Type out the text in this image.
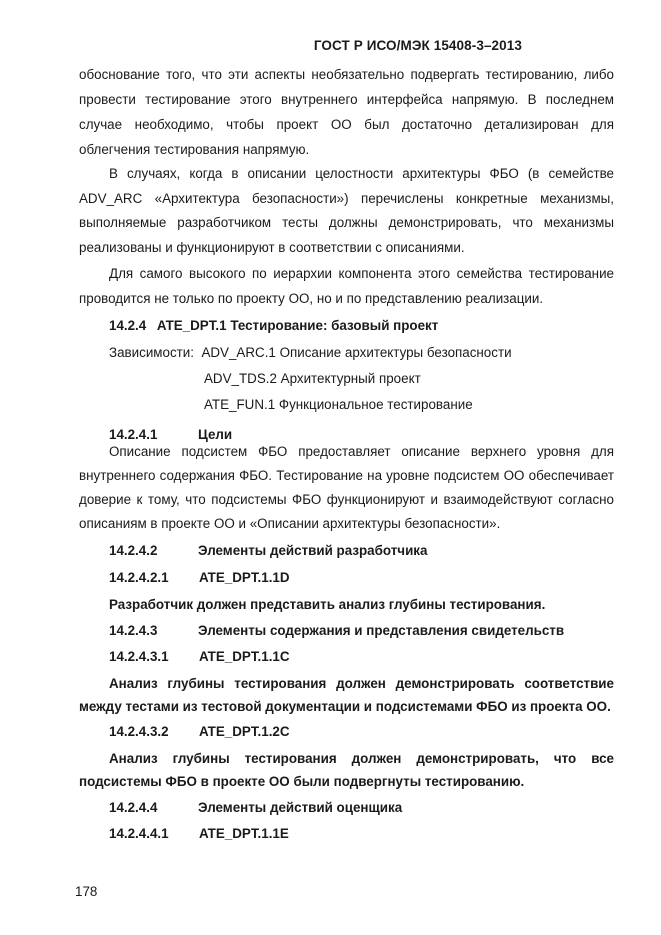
ГОСТ Р ИСО/МЭК 15408-3–2013
обоснование того, что эти аспекты необязательно подвергать тестированию, либо
провести тестирование этого внутреннего интерфейса напрямую. В последнем
случае необходимо, чтобы проект ОО был достаточно детализирован для
облегчения тестирования напрямую.
В случаях, когда в описании целостности архитектуры ФБО (в семействе
ADV_ARC «Архитектура безопасности») перечислены конкретные механизмы,
выполняемые разработчиком тесты должны демонстрировать, что механизмы
реализованы и функционируют в соответствии с описаниями.
Для самого высокого по иерархии компонента этого семейства тестирование
проводится не только по проекту ОО, но и по представлению реализации.
14.2.4 ATE_DPT.1 Тестирование: базовый проект
Зависимости: ADV_ARC.1 Описание архитектуры безопасности
ADV_TDS.2 Архитектурный проект
ATE_FUN.1 Функциональное тестирование
14.2.4.1	Цели
Описание подсистем ФБО предоставляет описание верхнего уровня для
внутреннего содержания ФБО. Тестирование на уровне подсистем ОО обеспечивает
доверие к тому, что подсистемы ФБО функционируют и взаимодействуют согласно
описаниям в проекте ОО и «Описании архитектуры безопасности».
14.2.4.2	Элементы действий разработчика
14.2.4.2.1 ATE_DPT.1.1D
Разработчик должен представить анализ глубины тестирования.
14.2.4.3	Элементы содержания и представления свидетельств
14.2.4.3.1 ATE_DPT.1.1C
Анализ глубины тестирования должен демонстрировать соответствие
между тестами из тестовой документации и подсистемами ФБО из проекта ОО.
14.2.4.3.2 ATE_DPT.1.2C
Анализ глубины тестирования должен демонстрировать, что все
подсистемы ФБО в проекте ОО были подвергнуты тестированию.
14.2.4.4	Элементы действий оценщика
14.2.4.4.1 ATE_DPT.1.1E
178
